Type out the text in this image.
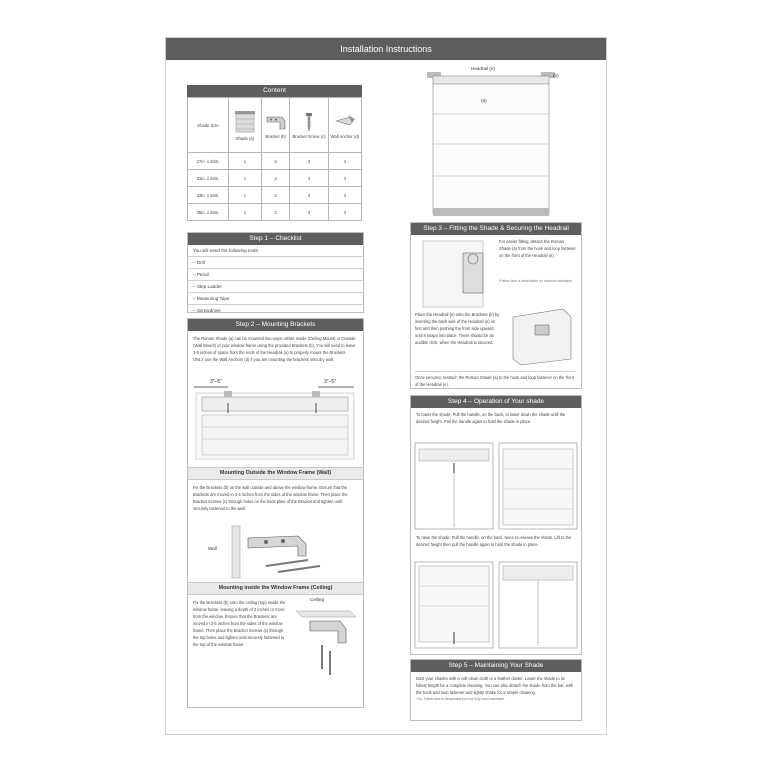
Installation Instructions
Content
Shade Size	Shade (a)	Bracket (b)	Bracket Screw (c)	Wall Anchor (d)

27in. x 64in.	1	2	4	4
31in. x 64in.	1	2	4	4
33in. x 64in.	1	2	4	4
35in. x 64in.	1	2	4	4
Step 1 – Checklist
You will need the following tools:
– Drill
– Pencil
– Step Ladder
– Measuring Tape
– Screwdriver
Step 2 – Mounting Brackets
The Roman Shade (a) can be mounted two ways: either Inside (Ceiling Mount) or Outside (Wall Mount) of your window frame using the provided Brackets (b). You will need to leave 3-5 inches of space from the ends of the Headrail (a) to properly mount the Brackets. ONLY use the Wall Anchors (d) if you are mounting the brackets onto dry wall.
3"–5"	3"–5"
Mounting Outside the Window Frame (Wall)
Fix the Brackets (b) on the wall outside and above the window frame. Ensure that the Brackets are moved in 3-5 inches from the sides of the window frame. Then place the Bracket Screws (c) through holes on the back plate of the Bracket and tighten until securely fastened to the wall.
Wall
Mounting inside the Window Frame (Ceiling)
Fix the Brackets (b) onto the ceiling (top) inside the window frame, leaving a depth of 3 inches or more from the window. Ensure that the Brackets are moved in 3-5 inches from the sides of the window frame. Then place the Bracket Screws (c) through the top holes and tighten until securely fastened to the top of the window frame.
Ceiling
Headrail (e)
(b)
(a)
Step 3 – Fitting the Shade & Securing the Headrail
For easier fitting, detach the Roman Shade (a) from the hook and loop fastener on the front of the Headrail (e).
*Fabric face is detachable for machine washable
Place the Headrail (e) onto the Brackets (b) by inserting the back side of the Headrail (e) on first and then pushing the front side upward until it snaps into place. There should be an audible click, when the Headrail is secured.
Once secured, reattach the Roman Shade (a) to the hook and loop fastener on the front of the Headrail (e).
Step 4 – Operation of Your shade
To lower the shade: Pull the handle, on the back, to lower down the shade until the desired height. Pull the handle again to hold the shade in place.
To raise the shade: Pull the handle, on the back, twice to release the shade. Lift to the desired height then pull the handle again to hold the shade in place.
Step 5 – Maintaining Your Shade
Dust your shades with a soft clean cloth or a feather duster. Lower the shade to its fullest length for a complete cleaning. You can also detach the shade from the bar, with the hook and loop fastener and lightly shake for a simple cleaning.
*Tip: Fabric face is detachable just not fully hand washable.
